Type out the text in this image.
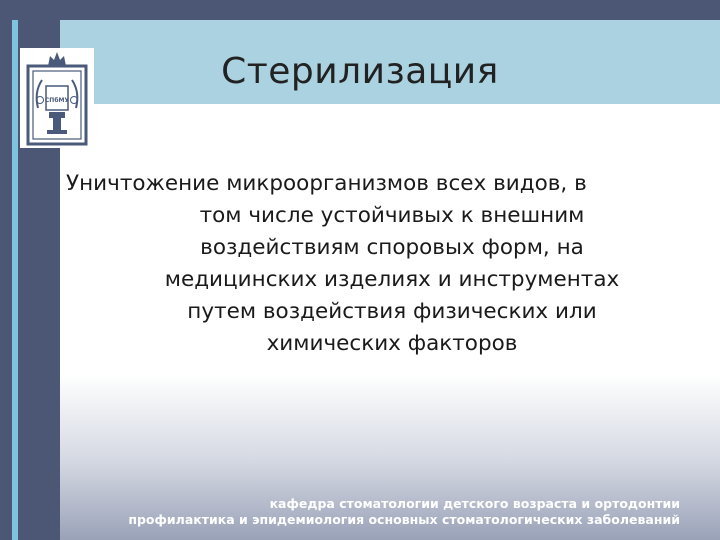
СПбМУ
Стерилизация
Уничтожение микроорганизмов всех видов, в
том числе устойчивых к внешним
воздействиям споровых форм, на
медицинских изделиях и инструментах
путем воздействия физических или
химических факторов
кафедра стоматологии детского возраста и ортодонтии
профилактика и эпидемиология основных стоматологических заболеваний
